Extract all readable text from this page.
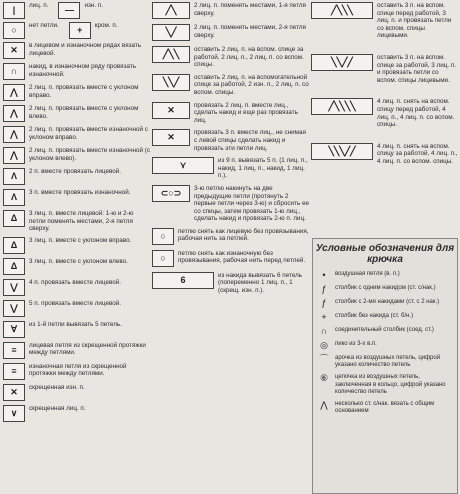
|	лиц. п.	—	изн. п.
○	нет петли.	+	кром. п.
✕	в лицевом и изнаночном рядах вязать лицевой.
∩	накид, в изнаночном ряду провязать изнаночной.
⋀	2 лиц. п. провязать вместе с уклоном вправо.
⋀	2 лиц. п. провязать вместе с уклоном влево.
⋀	2 лиц. п. провязать вместе изнаночной с уклоном вправо.
⋀	2 лиц. п. провязать вместе изнаночной (с уклоном влево).
Λ	2 п. вместе провязать лицевой.
Λ	3 п. вместе провязать изнаночной.
Δ	3 лиц. п. вместе лицевой: 1-ю и 2-ю петли поменять местами, 2-я петля сверху.
Δ	3 лиц. п. вместе с уклоном вправо.
Δ	3 лиц. п. вместе с уклоном влево.
⋁	4 п. провязать вместе лицевой.
⋁	5 п. провязать вместе лицевой.
∀	из 1-й петли вывязать 5 петель.
≡	лицевая петля из скрещенной протяжки между петлями.
≡	изнаночная петля из скрещенной протяжки между петлями.
✕	скрещенная изн. п.
∨	скрещенная лиц. п.
╱╲	2 лиц. п. поменять местами, 1-я петля сверху.
╲╱	2 лиц. п. поменять местами, 2-я петля сверху.
╱╲╲	оставить 2 лиц. п. на вспом. спице за работой, 2 лиц. п., 2 лиц. п. со вспом. спицы.
╲╲╱	оставить 2 лиц. п. на вспомогательной спице за работой, 2 изн. п., 2 лиц. п. со вспом. спицы.
✕	провязать 2 лиц. п. вместе лиц., сделать накид и еще раз провязать лиц.
✕	провязать 3 п. вместе лиц., не снимая с левой спицы сделать накид и провязать эти петли лиц.
⋎	из 9 п. вывязать 5 п. (1 лиц. п., накид, 1 лиц. п., накид, 1 лиц. п.).
⊂○⊃	3-ю петлю накинуть на две предыдущие петли (протянуть 2 первые петли через 3-ю) и сбросить ее со спицы, затем провязать 1-ю лиц., сделать накид и провязать 2-ю п. лиц.
○	петлю снять как лицевую без провязывания, рабочая нить за петлей.
○	петлю снять как изнаночную без провязывания, рабочая нить перед петлей.
6	из накида вывязать 6 петель (попеременно 1 лиц. п., 1 (скрещ. изн. п.).
╱╲╲╲	оставить 3 п. на вспом. спице перед работой, 3 лиц. п. и провязать петли со вспом. спицы лицевыми.
╲╲╱╱	оставить 3 п. на вспом. спице за работой, 3 лиц. п. и провязать петли со вспом. спицы лицевыми.
╱╲╲╲╲	4 лиц. п. снять на вспом. спицу перед работой, 4 лиц. п., 4 лиц. п. со вспом. спицы.
╲╲╲╱╱	4 лиц. п. снять на вспом. спицу за работой, 4 лиц. п., 4 лиц. п. со вспом. спицы.
Условные обозначения для крючка
•	воздушная петля (в. п.)
ƒ	столбик с одним накидом (ст. с/нак.)
ƒ	столбик с 2-мя накидами (ст. с 2 нак.)
+	столбик без накида (ст. б/н.)
∩	соединительный столбик (соед. ст.)
◎	пико из 3-х в.п.
⌒	арочка из воздушных петель, цифрой указано количество петель
⑥	цепочка из воздушных петель, заключенная в кольцо, цифрой указано количество петель
⋀	несколько ст. с/нак. вязать с общим основанием
